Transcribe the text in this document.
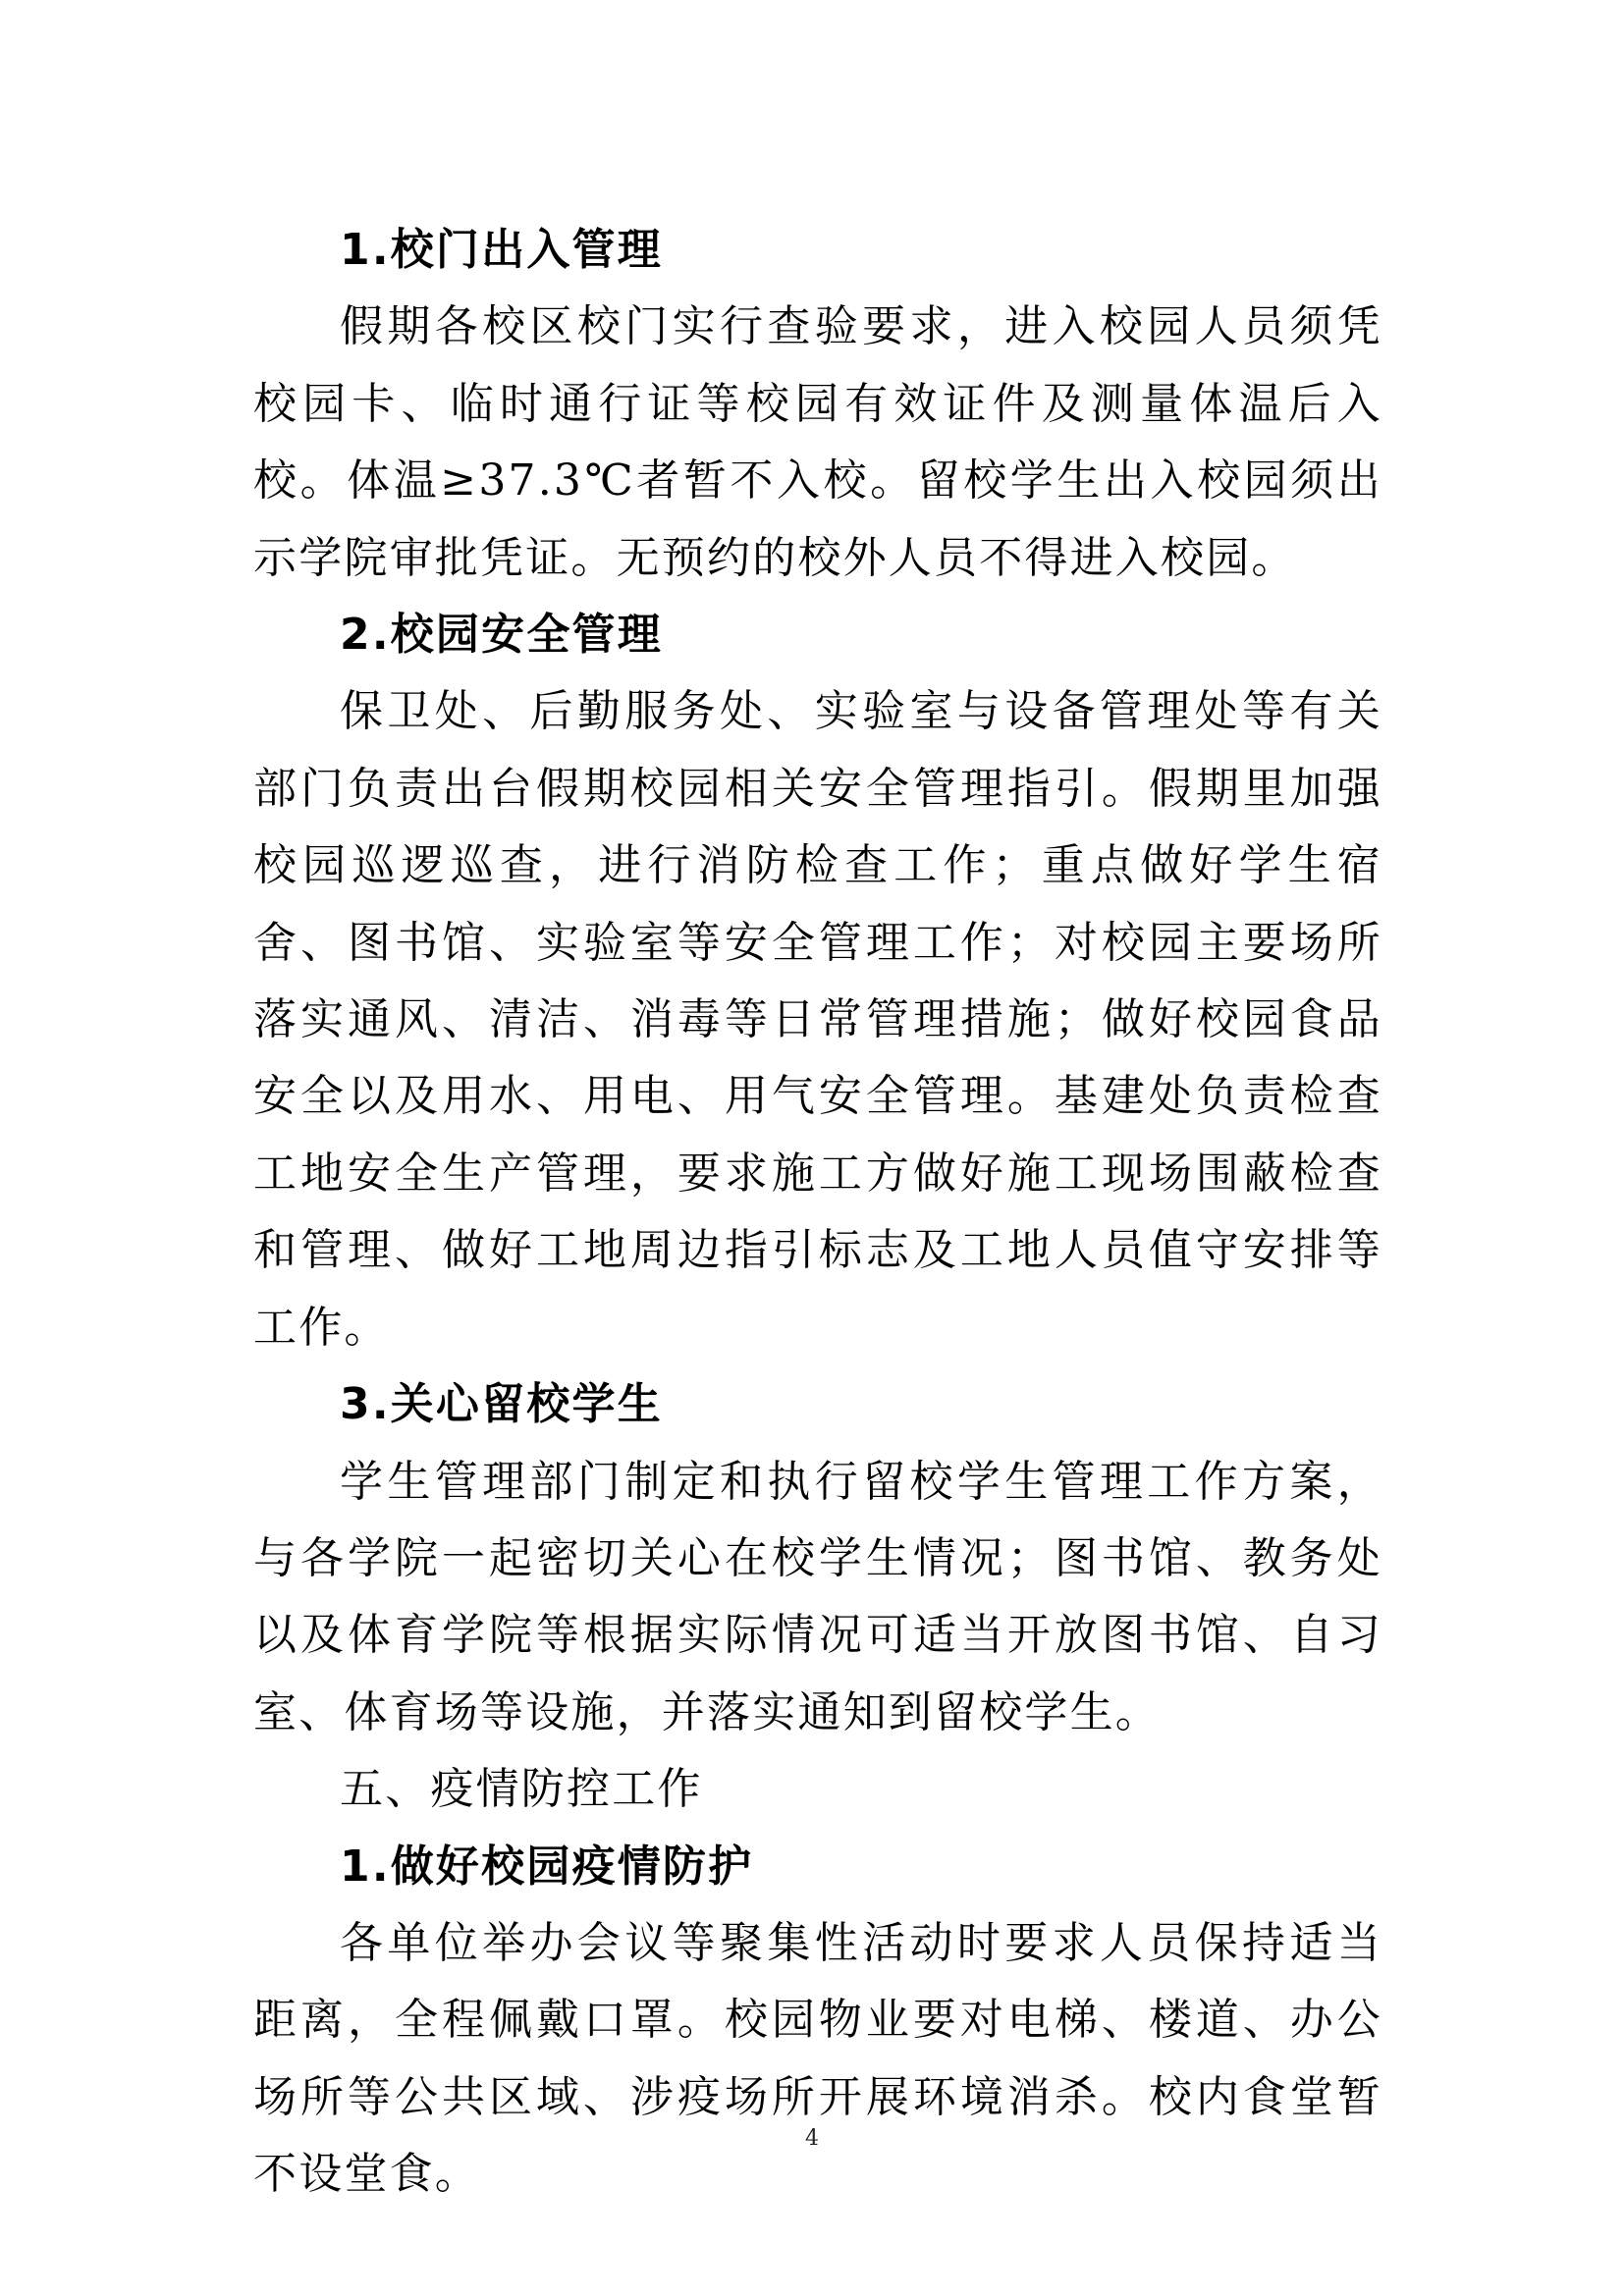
1.校门出入管理

假期各校区校门实行查验要求，进入校园人员须凭校园卡、临时通行证等校园有效证件及测量体温后入校。体温≥37.3℃者暂不入校。留校学生出入校园须出示学院审批凭证。无预约的校外人员不得进入校园。

2.校园安全管理

保卫处、后勤服务处、实验室与设备管理处等有关部门负责出台假期校园相关安全管理指引。假期里加强校园巡逻巡查，进行消防检查工作；重点做好学生宿舍、图书馆、实验室等安全管理工作；对校园主要场所落实通风、清洁、消毒等日常管理措施；做好校园食品安全以及用水、用电、用气安全管理。基建处负责检查工地安全生产管理，要求施工方做好施工现场围蔽检查和管理、做好工地周边指引标志及工地人员值守安排等工作。

3.关心留校学生

学生管理部门制定和执行留校学生管理工作方案，与各学院一起密切关心在校学生情况；图书馆、教务处以及体育学院等根据实际情况可适当开放图书馆、自习室、体育场等设施，并落实通知到留校学生。

五、疫情防控工作

1.做好校园疫情防护

各单位举办会议等聚集性活动时要求人员保持适当距离，全程佩戴口罩。校园物业要对电梯、楼道、办公场所等公共区域、涉疫场所开展环境消杀。校内食堂暂不设堂食。

4
